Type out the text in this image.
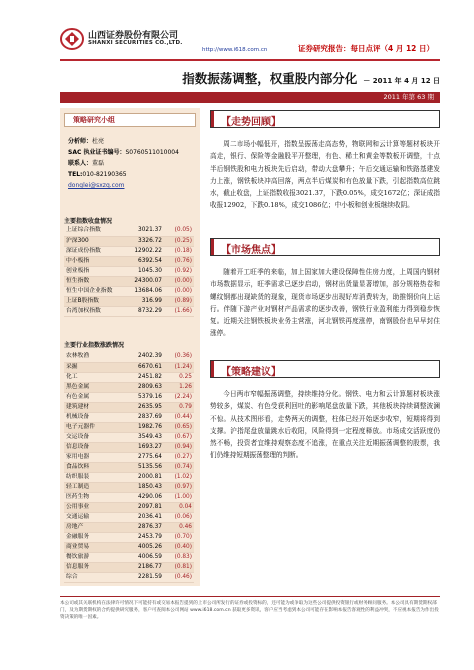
山西证券股份有限公司
SHANXI SECURITIES CO.,LTD.
http://www.i618.com.cn	证券研究报告：每日点评（4 月 12 日）
指数振荡调整，权重股内部分化 － 2011 年 4 月 12 日
2011 年第 63 期
策略研究小组
分析师：杜亮
SAC 执业证书编号：S0760511010004
联系人：董磊
TEL:010-82190365
donglei@sxzq.com
主要指数收盘情况
上证综合指数	3021.37	(0.05)
沪深300	3326.72	(0.25)
深证成份指数	12902.22	(0.18)
中小板指	6392.54	(0.76)
创业板指	1045.30	(0.92)
恒生指数	24300.07	(0.00)
恒生中国企业指数	13684.06	(0.00)
上证B股指数	316.99	(0.89)
台湾加权指数	8732.29	(1.66)
主要行业指数涨跌情况
农林牧渔	2402.39	(0.36)
采掘	6670.61	(1.24)
化工	2451.82	0.25
黑色金属	2809.63	1.26
有色金属	5379.16	(2.24)
建筑建材	2635.95	0.79
机械设备	2837.69	(0.44)
电子元器件	1982.76	(0.65)
交运设备	3549.43	(0.67)
信息设备	1693.27	(0.94)
家用电器	2775.64	(0.27)
食品饮料	5135.56	(0.74)
纺织服装	2000.81	(1.02)
轻工制造	1850.43	(0.97)
医药生物	4290.06	(1.00)
公用事业	2097.81	0.04
交通运输	2036.41	(0.06)
房地产	2876.37	0.46
金融服务	2453.79	(0.70)
商业贸易	4005.26	(0.40)
餐饮旅游	4006.59	(0.83)
信息服务	2186.77	(0.81)
综合	2281.59	(0.46)
【走势回顾】
周二市场小幅低开，指数呈振荡走高态势，物联网和云计算等题材板块开高走，银行、保险等金融股平开整理，有色、稀土和黄金等数板开调整，十点半后钢铁股和电力板块先后启动，带动大盘攀升；午后交通运输和铁路基建发力上涨，钢铁板块冲高回落，两点半后煤炭和有色放量下跌，引起指数高位跳水，截止收盘，上证指数收报3021.37，下跌0.05%，成交1672亿；深证成指收报12902，下跌0.18%，成交1086亿；中小板和创业板继续收阴。
【市场焦点】
随着开工旺季的来临，加上国家加大建设保障性住房力度，上周国内钢材市场数据显示，旺季需求已逐步启动，钢材出货量显著增加，部分规格热卷和螺纹钢都出现缺货的现象，现货市场逐步出现好库消费转为，助推钢价向上运行。伴随下游产业对钢材产品需求的逐步改善，钢铁行业盈利能力得到稳步恢复。近期关注钢铁板块业务主营涨，河北钢铁再度涨停，南钢股份也早早封住涨停。
【策略建议】
今日两市窄幅振荡调整，持续维持分化。钢铁、电力和云计算题材板块涨势较多，煤炭、有色受获利回吐的影响尾盘放量下跌，其他板块持续调整波澜不惊。从技术图形看，走势两天的调整，柱体已经开始逐步收窄，短期将得到支撑。沪指尾盘放量跳水后收阳，风险得到一定程度释放。市场成交活跃度仍然不畅，投资者宜维持观察态度不追涨，在重点关注近期振荡调整的股票，我们仍维持短期振荡整理的判断。
本公司或其关联机构在法律许可情况下可能持有或交易本报告提到的上市公司所发行的证券或投资标的，还可能为或争取为这些公司提供投资银行或财务顾问服务。本公司具有期货期权部门，及为期货期权的合约提供研究服务，客户可查阅本公司网站 www.i618.com.cn 获取更多资讯，客户应当考虑到本公司可能存在影响本报告客观性的利益冲突，不应视本报告为作出投资决策的唯一因素。
